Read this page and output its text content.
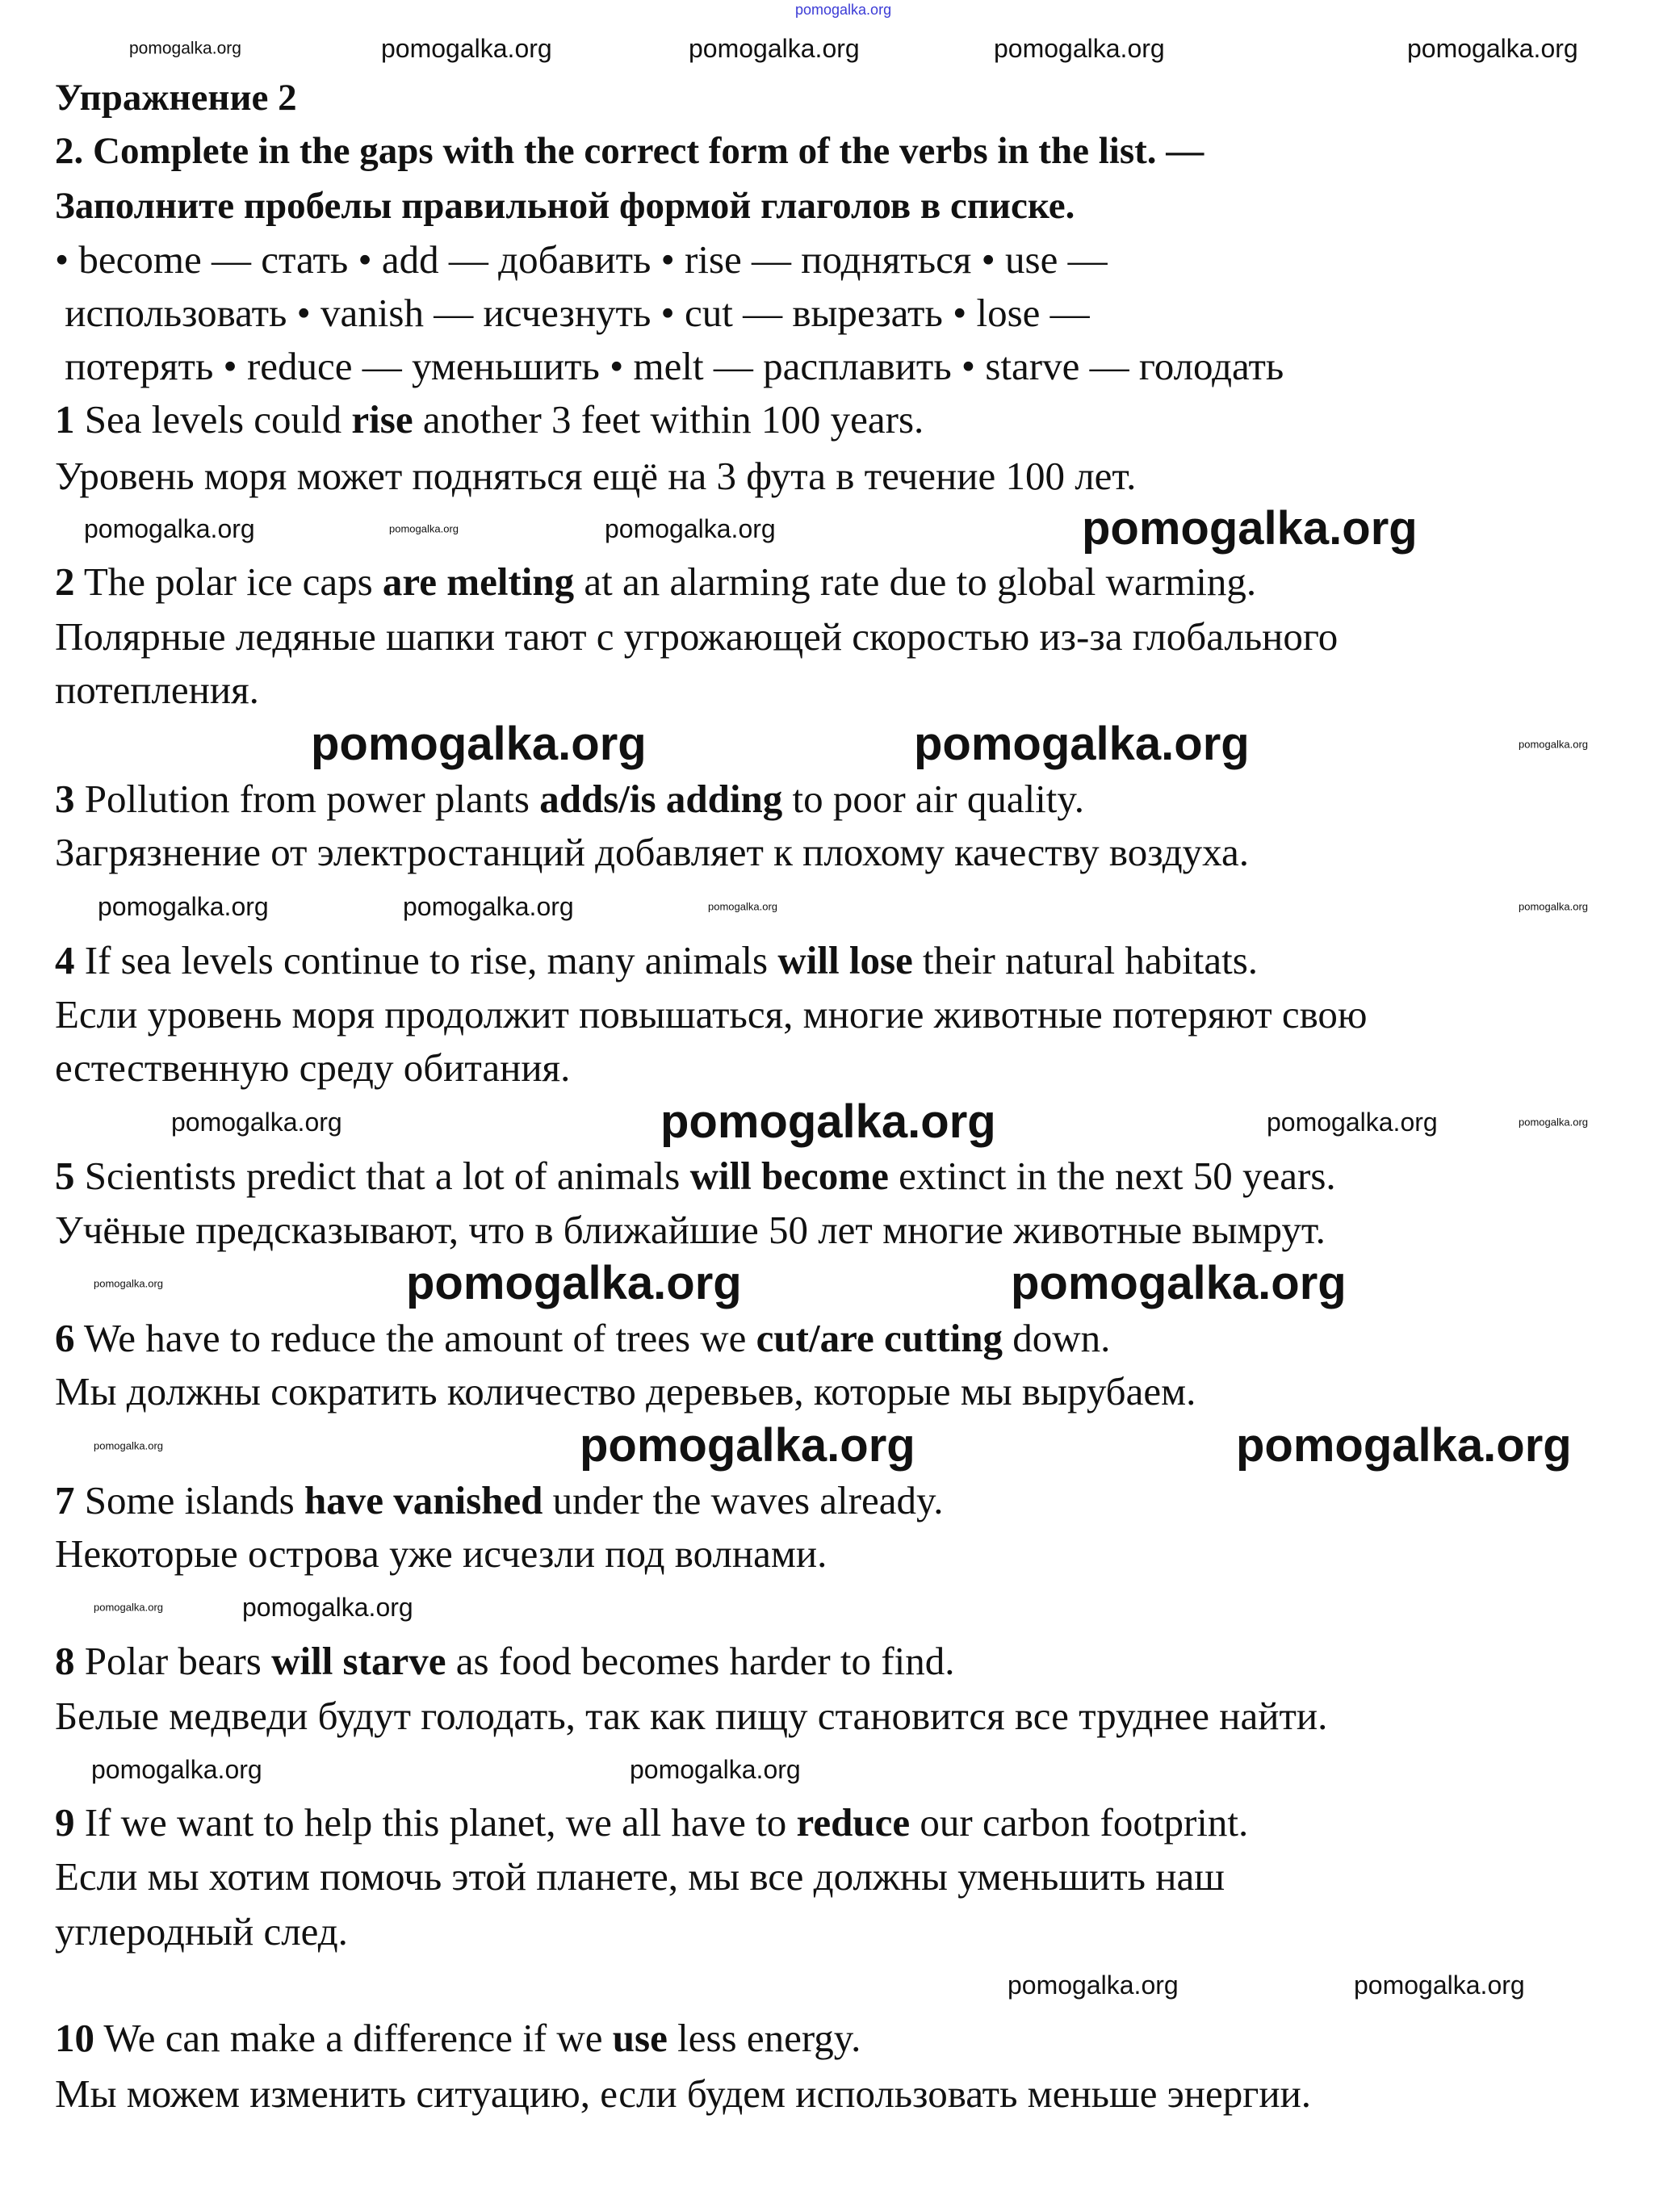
pomogalka.org
Упражнение 2
2. Complete in the gaps with the correct form of the verbs in the list. —
Заполните пробелы правильной формой глаголов в списке.
• become — стать • add — добавить • rise — подняться • use —
использовать • vanish — исчезнуть • cut — вырезать • lose —
потерять • reduce — уменьшить • melt — расплавить • starve — голодать
1 Sea levels could rise another 3 feet within 100 years.
Уровень моря может подняться ещё на 3 фута в течение 100 лет.
2 The polar ice caps are melting at an alarming rate due to global warming.
Полярные ледяные шапки тают с угрожающей скоростью из-за глобального
потепления.
3 Pollution from power plants adds/is adding to poor air quality.
Загрязнение от электростанций добавляет к плохому качеству воздуха.
4 If sea levels continue to rise, many animals will lose their natural habitats.
Если уровень моря продолжит повышаться, многие животные потеряют свою
естественную среду обитания.
5 Scientists predict that a lot of animals will become extinct in the next 50 years.
Учёные предсказывают, что в ближайшие 50 лет многие животные вымрут.
6 We have to reduce the amount of trees we cut/are cutting down.
Мы должны сократить количество деревьев, которые мы вырубаем.
7 Some islands have vanished under the waves already.
Некоторые острова уже исчезли под волнами.
8 Polar bears will starve as food becomes harder to find.
Белые медведи будут голодать, так как пищу становится все труднее найти.
9 If we want to help this planet, we all have to reduce our carbon footprint.
Если мы хотим помочь этой планете, мы все должны уменьшить наш
углеродный след.
10 We can make a difference if we use less energy.
Мы можем изменить ситуацию, если будем использовать меньше энергии.
pomogalka.org	pomogalka.org	pomogalka.org	pomogalka.org	pomogalka.org
pomogalka.org	pomogalka.org	pomogalka.org	pomogalka.org
pomogalka.org	pomogalka.org	pomogalka.org
pomogalka.org	pomogalka.org	pomogalka.org	pomogalka.org
pomogalka.org	pomogalka.org	pomogalka.org	pomogalka.org
pomogalka.org	pomogalka.org	pomogalka.org
pomogalka.org	pomogalka.org	pomogalka.org
pomogalka.org	pomogalka.org
pomogalka.org	pomogalka.org
pomogalka.org	pomogalka.org
